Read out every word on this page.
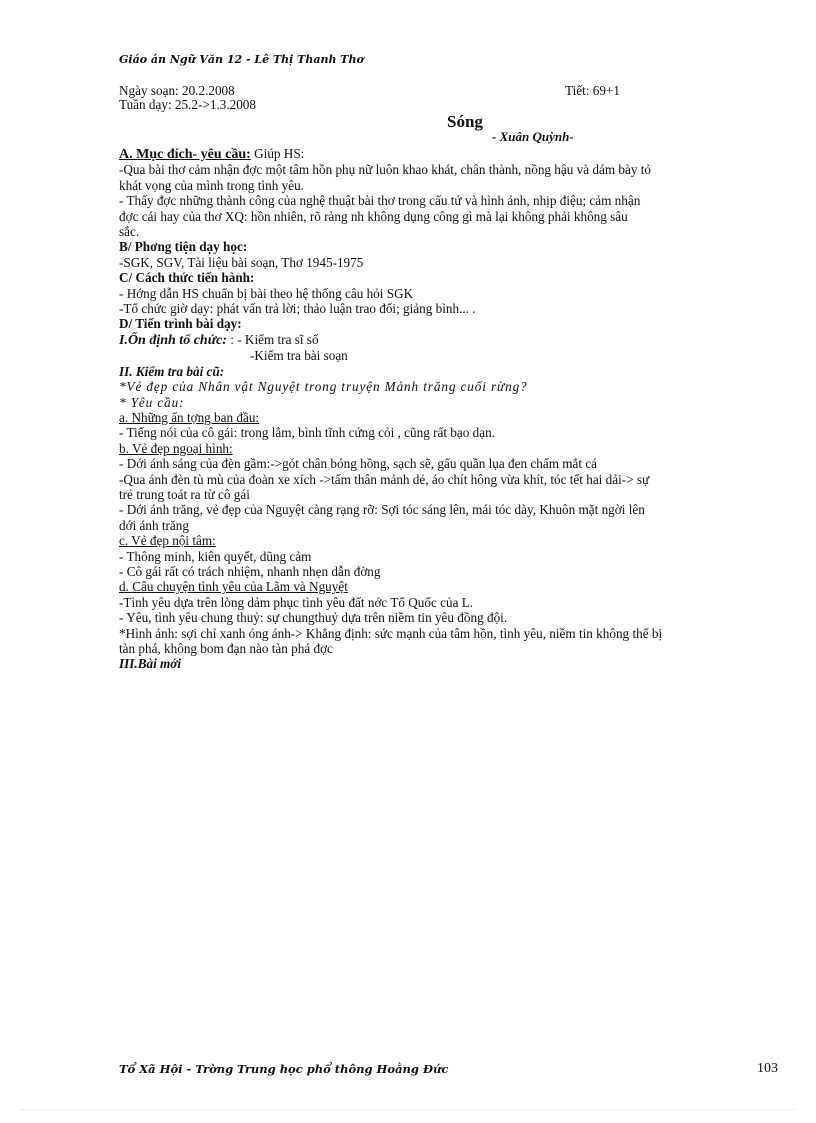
Giáo án Ngữ Văn 12 - Lê Thị Thanh Thơ
Ngày soạn: 20.2.2008
Tuần dạy: 25.2->1.3.2008
Tiết: 69+1
Sóng
- Xuân Quỳnh-
A. Mục đích- yêu cầu: Giúp HS:
-Qua bài thơ cảm nhận đợc một tâm hồn phụ nữ luôn khao khát, chân thành, nồng hậu và dám bày tỏ
khát vọng của mình trong tình yêu.
- Thấy đợc những thành công của nghệ thuật bài thơ trong cấu tứ và hình ảnh, nhịp điệu; cảm nhận
đợc cái hay của thơ XQ: hồn nhiên, rõ ràng nh không dụng công gì mà lại không phải không sâu
sắc.
B/ Phơng tiện dạy học:
-SGK, SGV, Tài liệu bài soạn, Thơ 1945-1975
C/ Cách thức tiến hành:
- Hớng dẫn HS chuẩn bị bài theo hệ thống câu hỏi SGK
-Tổ chức giờ dạy: phát vấn trả lời; thảo luận trao đổi; giảng bình... .
D/ Tiến trình bài dạy:
I.Ổn định tổ chức: : - Kiểm tra sĩ số
-Kiểm tra bài soạn
II. Kiểm tra bài cũ:
*Vẻ đẹp của Nhân vật Nguyệt trong truyện Mảnh trăng cuối rừng?
* Yêu cầu:
a. Những ấn tợng ban đầu:
- Tiếng nói của cô gái: trong lẳm, bình tĩnh cứng cỏi , cũng rất bạo dạn.
b. Vẻ đẹp ngoại hình:
- Dới ánh sáng của đèn gầm:->gót chân bóng hồng, sạch sẽ, gấu quần lụa đen chấm mắt cá
-Qua ánh đèn tù mù của đoàn xe xích ->tấm thân mảnh dẻ, áo chít hông vừa khít, tóc tết hai dải-> sự
trẻ trung toát ra từ cô gái
- Dới ánh trăng, vẻ đẹp của Nguyệt càng rạng rỡ: Sợi tóc sáng lên, mái tóc dày, Khuôn mặt ngời lên
dới ánh trăng
c. Vẻ đẹp nội tâm:
- Thông minh, kiên quyết, dũng cảm
- Cô gái rất có trách nhiệm, nhanh nhẹn dẫn đờng
d. Câu chuyện tình yêu của Lãm và Nguyệt
-Tình yêu dựa trên lòng dảm phục tình yêu đất nớc Tổ Quốc của L.
- Yêu, tình yêu chung thuỷ: sự chungthuỷ dựa trên niềm tin yêu đồng đội.
*Hình ảnh: sợi chỉ xanh óng ánh-> Khẳng định: sức mạnh của tâm hồn, tình yêu, niềm tin không thể bị
tàn phá, không bom đạn nào tàn phá đợc
III.Bài mới
Tổ Xã Hội - Trờng Trung học phổ thông Hoằng Đức	103
